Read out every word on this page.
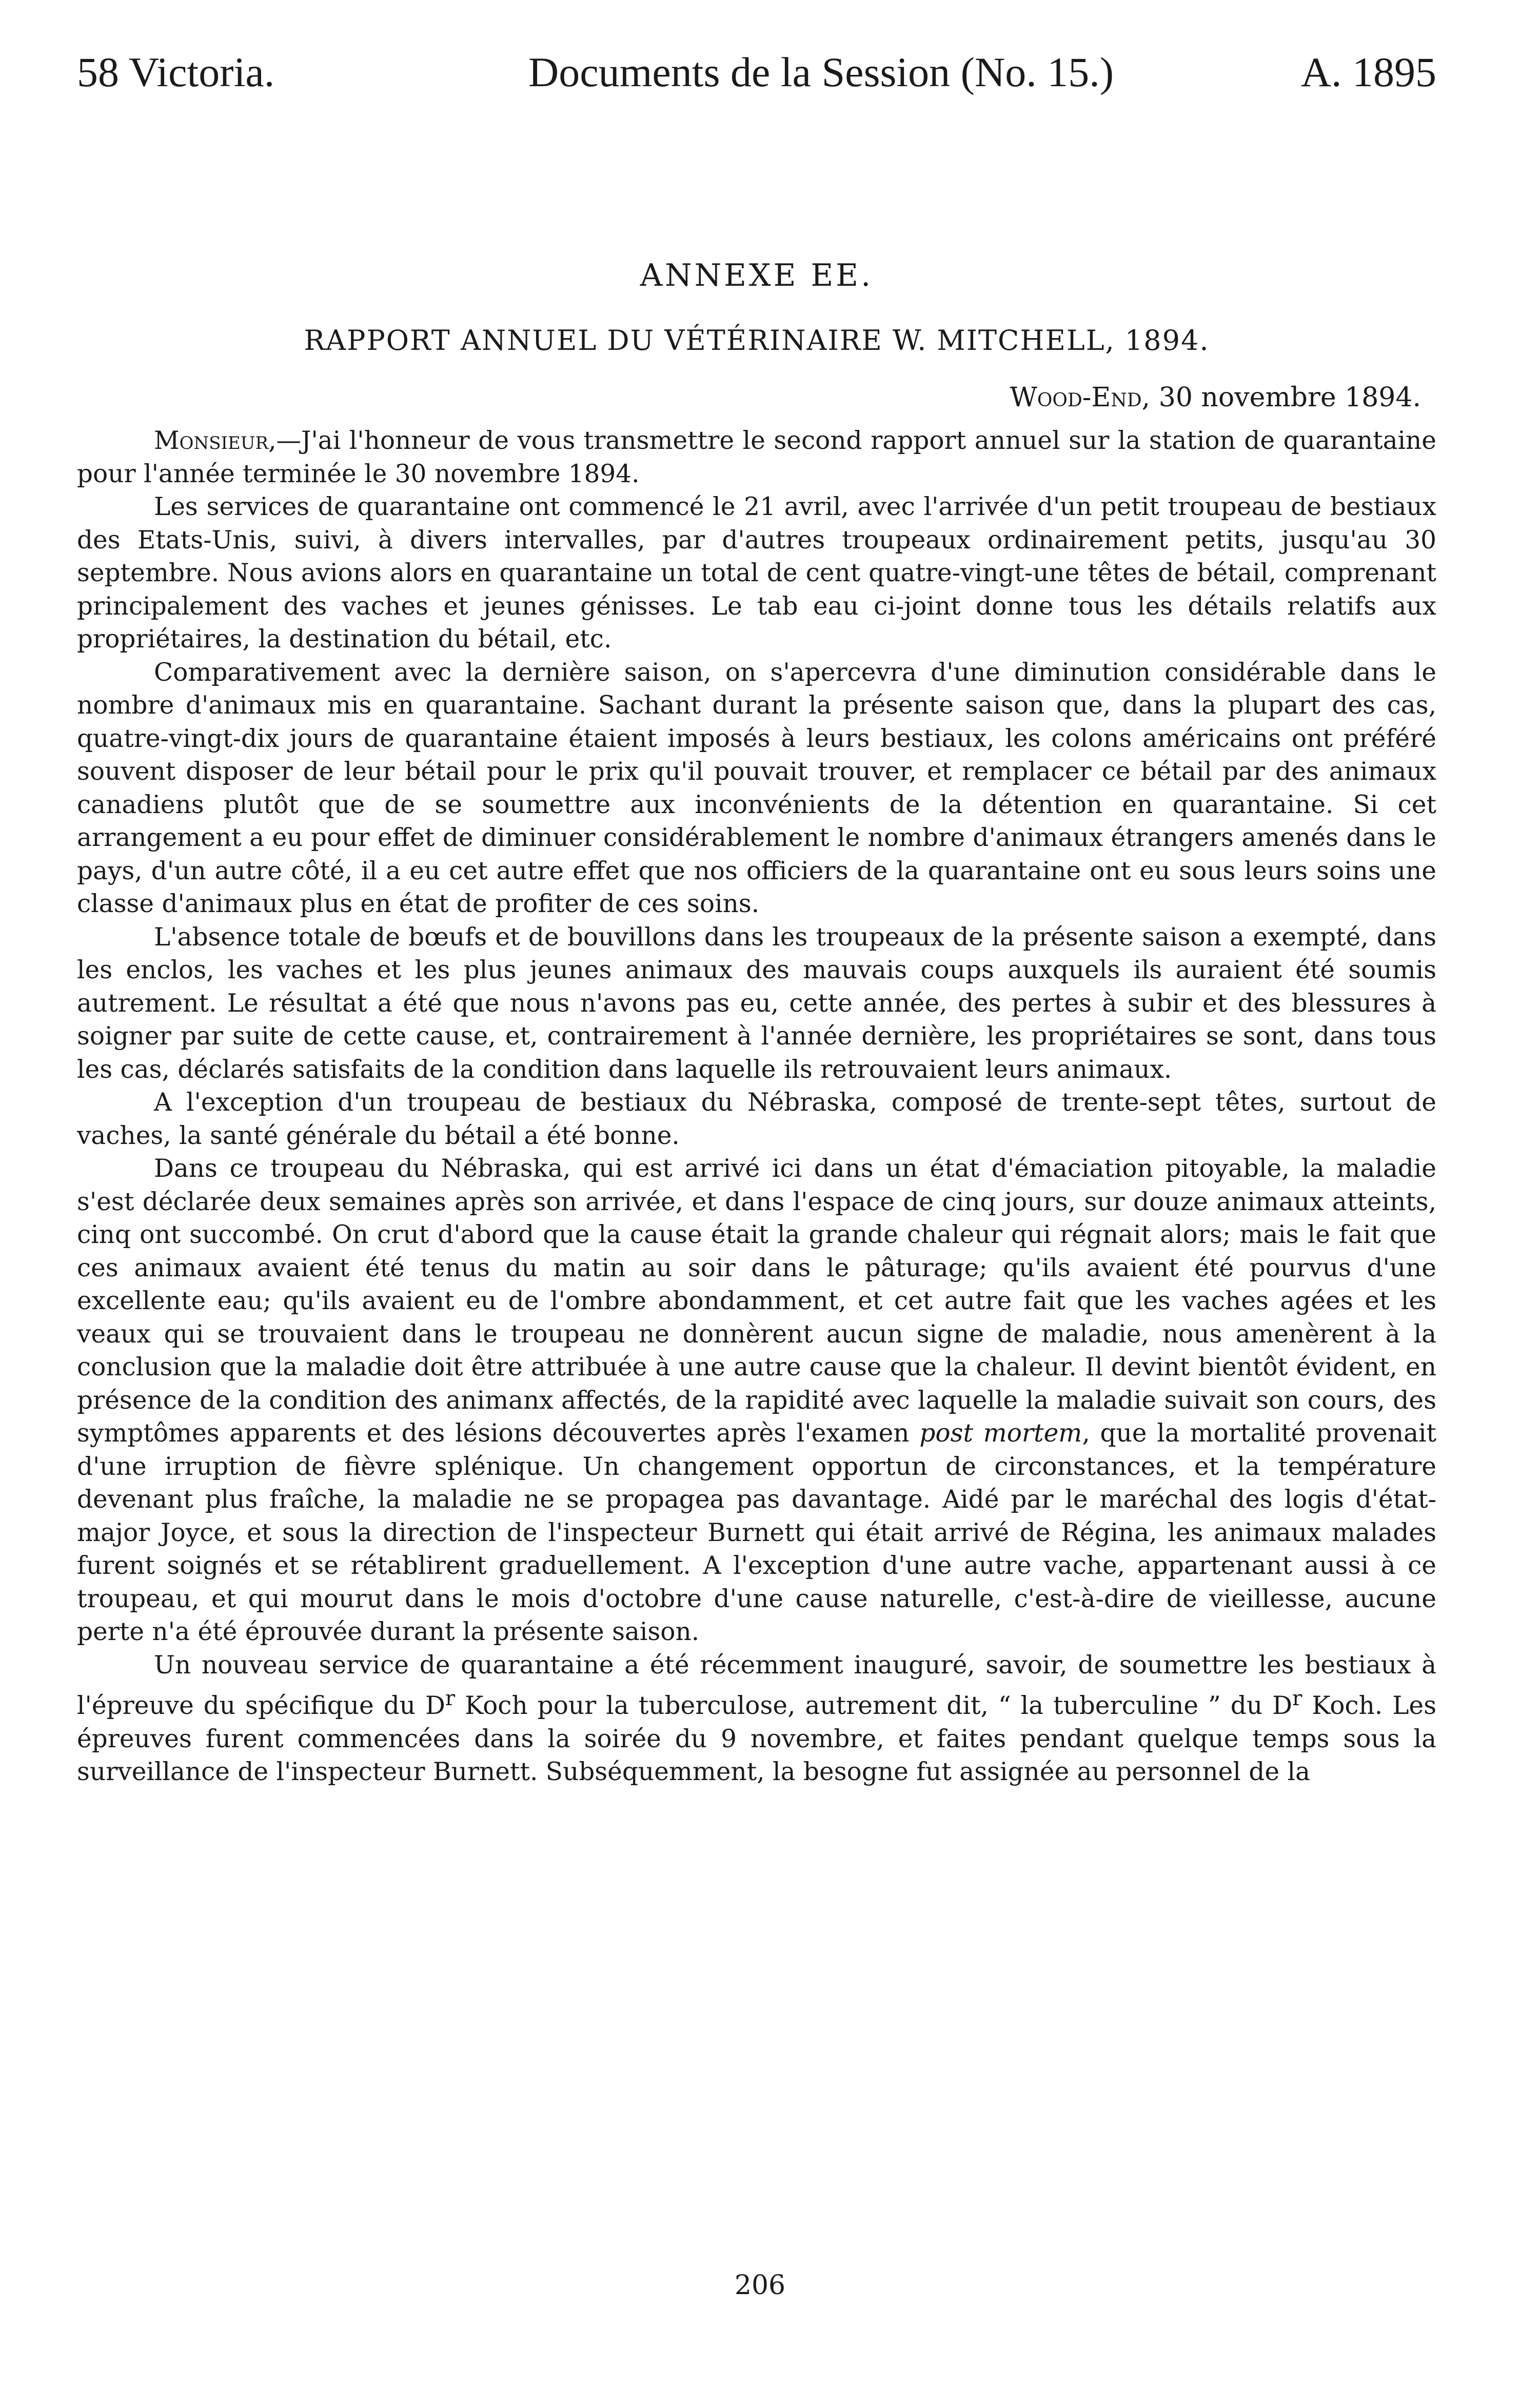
58 Victoria.	Documents de la Session (No. 15.)	A. 1895
ANNEXE EE.
RAPPORT ANNUEL DU VÉTÉRINAIRE W. MITCHELL, 1894.
Wood-End, 30 novembre 1894.

Monsieur,—J'ai l'honneur de vous transmettre le second rapport annuel sur la station de quarantaine pour l'année terminée le 30 novembre 1894.

Les services de quarantaine ont commencé le 21 avril, avec l'arrivée d'un petit troupeau de bestiaux des Etats-Unis, suivi, à divers intervalles, par d'autres troupeaux ordinairement petits, jusqu'au 30 septembre. Nous avions alors en quarantaine un total de cent quatre-vingt-une têtes de bétail, comprenant principalement des vaches et jeunes génisses. Le tab eau ci-joint donne tous les détails relatifs aux propriétaires, la destination du bétail, etc.

Comparativement avec la dernière saison, on s'apercevra d'une diminution considérable dans le nombre d'animaux mis en quarantaine. Sachant durant la présente saison que, dans la plupart des cas, quatre-vingt-dix jours de quarantaine étaient imposés à leurs bestiaux, les colons américains ont préféré souvent disposer de leur bétail pour le prix qu'il pouvait trouver, et remplacer ce bétail par des animaux canadiens plutôt que de se soumettre aux inconvénients de la détention en quarantaine. Si cet arrangement a eu pour effet de diminuer considérablement le nombre d'animaux étrangers amenés dans le pays, d'un autre côté, il a eu cet autre effet que nos officiers de la quarantaine ont eu sous leurs soins une classe d'animaux plus en état de profiter de ces soins.

L'absence totale de bœufs et de bouvillons dans les troupeaux de la présente saison a exempté, dans les enclos, les vaches et les plus jeunes animaux des mauvais coups auxquels ils auraient été soumis autrement. Le résultat a été que nous n'avons pas eu, cette année, des pertes à subir et des blessures à soigner par suite de cette cause, et, contrairement à l'année dernière, les propriétaires se sont, dans tous les cas, déclarés satisfaits de la condition dans laquelle ils retrouvaient leurs animaux.

A l'exception d'un troupeau de bestiaux du Nébraska, composé de trente-sept têtes, surtout de vaches, la santé générale du bétail a été bonne.

Dans ce troupeau du Nébraska, qui est arrivé ici dans un état d'émaciation pitoyable, la maladie s'est déclarée deux semaines après son arrivée, et dans l'espace de cinq jours, sur douze animaux atteints, cinq ont succombé. On crut d'abord que la cause était la grande chaleur qui régnait alors; mais le fait que ces animaux avaient été tenus du matin au soir dans le pâturage; qu'ils avaient été pourvus d'une excellente eau; qu'ils avaient eu de l'ombre abondamment, et cet autre fait que les vaches agées et les veaux qui se trouvaient dans le troupeau ne donnèrent aucun signe de maladie, nous amenèrent à la conclusion que la maladie doit être attribuée à une autre cause que la chaleur. Il devint bientôt évident, en présence de la condition des animanx affectés, de la rapidité avec laquelle la maladie suivait son cours, des symptômes apparents et des lésions découvertes après l'examen post mortem, que la mortalité provenait d'une irruption de fièvre splénique. Un changement opportun de circonstances, et la température devenant plus fraîche, la maladie ne se propagea pas davantage. Aidé par le maréchal des logis d'état-major Joyce, et sous la direction de l'inspecteur Burnett qui était arrivé de Régina, les animaux malades furent soignés et se rétablirent graduellement. A l'exception d'une autre vache, appartenant aussi à ce troupeau, et qui mourut dans le mois d'octobre d'une cause naturelle, c'est-à-dire de vieillesse, aucune perte n'a été éprouvée durant la présente saison.

Un nouveau service de quarantaine a été récemment inauguré, savoir, de soumettre les bestiaux à l'épreuve du spécifique du $D^r$ Koch pour la tuberculose, autrement dit, “ la tuberculine ” du $D^r$ Koch. Les épreuves furent commencées dans la soirée du 9 novembre, et faites pendant quelque temps sous la surveillance de l'inspecteur Burnett. Subséquemment, la besogne fut assignée au personnel de la

206
